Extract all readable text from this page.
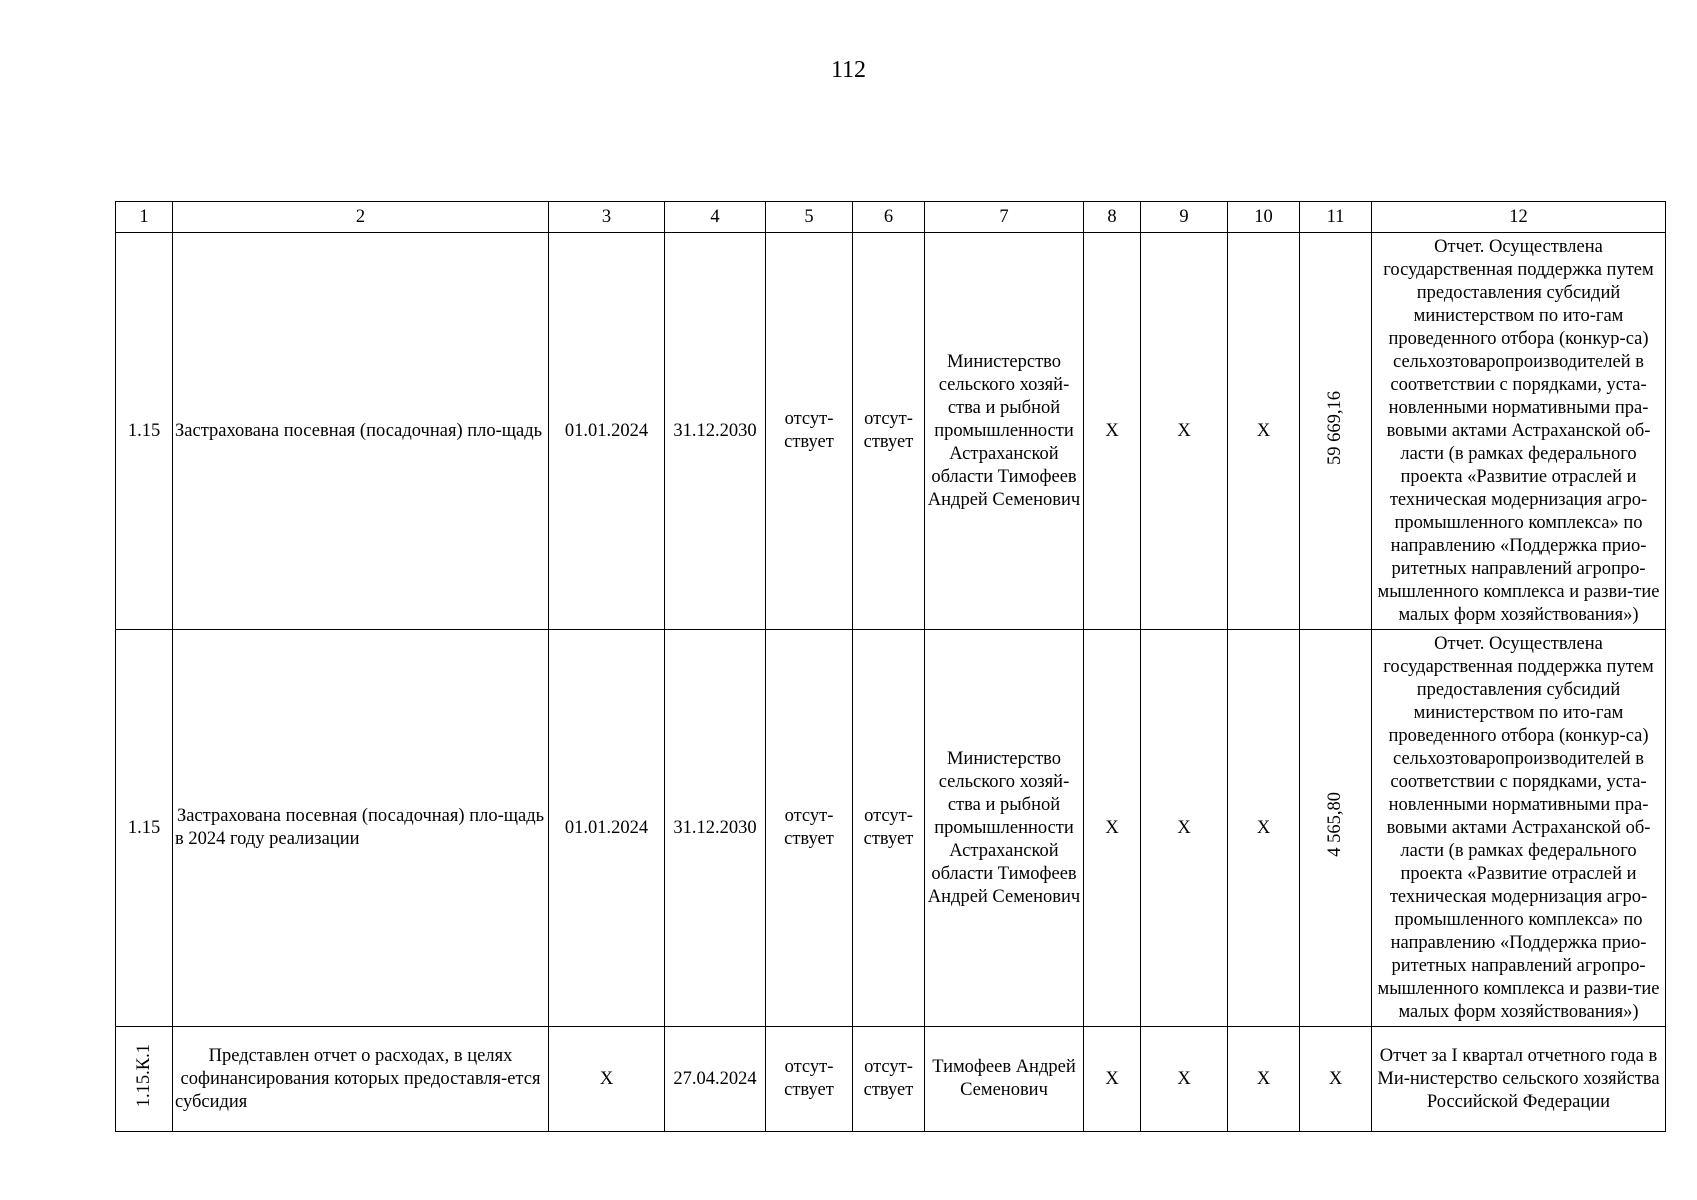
112
1	2	3	4	5	6	7	8	9	10	11	12
1.15	Застрахована посевная (посадочная) пло-щадь	01.01.2024	31.12.2030	отсут-ствует	отсут-ствует	Министерство сельского хозяй-ства и рыбной промышленности Астраханской области Тимофеев Андрей Семенович	X	X	X	59 669,16	Отчет. Осуществлена государственная поддержка путем предоставления субсидий министерством по ито-гам проведенного отбора (конкур-са) сельхозтоваропроизводителей в соответствии с порядками, уста-новленными нормативными пра-вовыми актами Астраханской об-ласти (в рамках федерального проекта «Развитие отраслей и техническая модернизация агро-промышленного комплекса» по направлению «Поддержка прио-ритетных направлений агропро-мышленного комплекса и разви-тие малых форм хозяйствования»)
1.15	Застрахована посевная (посадочная) пло-щадь в 2024 году реализации	01.01.2024	31.12.2030	отсут-ствует	отсут-ствует	Министерство сельского хозяй-ства и рыбной промышленности Астраханской области Тимофеев Андрей Семенович	X	X	X	4 565,80	Отчет. Осуществлена государственная поддержка путем предоставления субсидий министерством по ито-гам проведенного отбора (конкур-са) сельхозтоваропроизводителей в соответствии с порядками, уста-новленными нормативными пра-вовыми актами Астраханской об-ласти (в рамках федерального проекта «Развитие отраслей и техническая модернизация агро-промышленного комплекса» по направлению «Поддержка прио-ритетных направлений агропро-мышленного комплекса и разви-тие малых форм хозяйствования»)
1.15.К.1	Представлен отчет о расходах, в целях софинансирования которых предоставля-ется субсидия	X	27.04.2024	отсут-ствует	отсут-ствует	Тимофеев Андрей Семенович	X	X	X	X	Отчет за I квартал отчетного года в Ми-нистерство сельского хозяйства Российской Федерации
